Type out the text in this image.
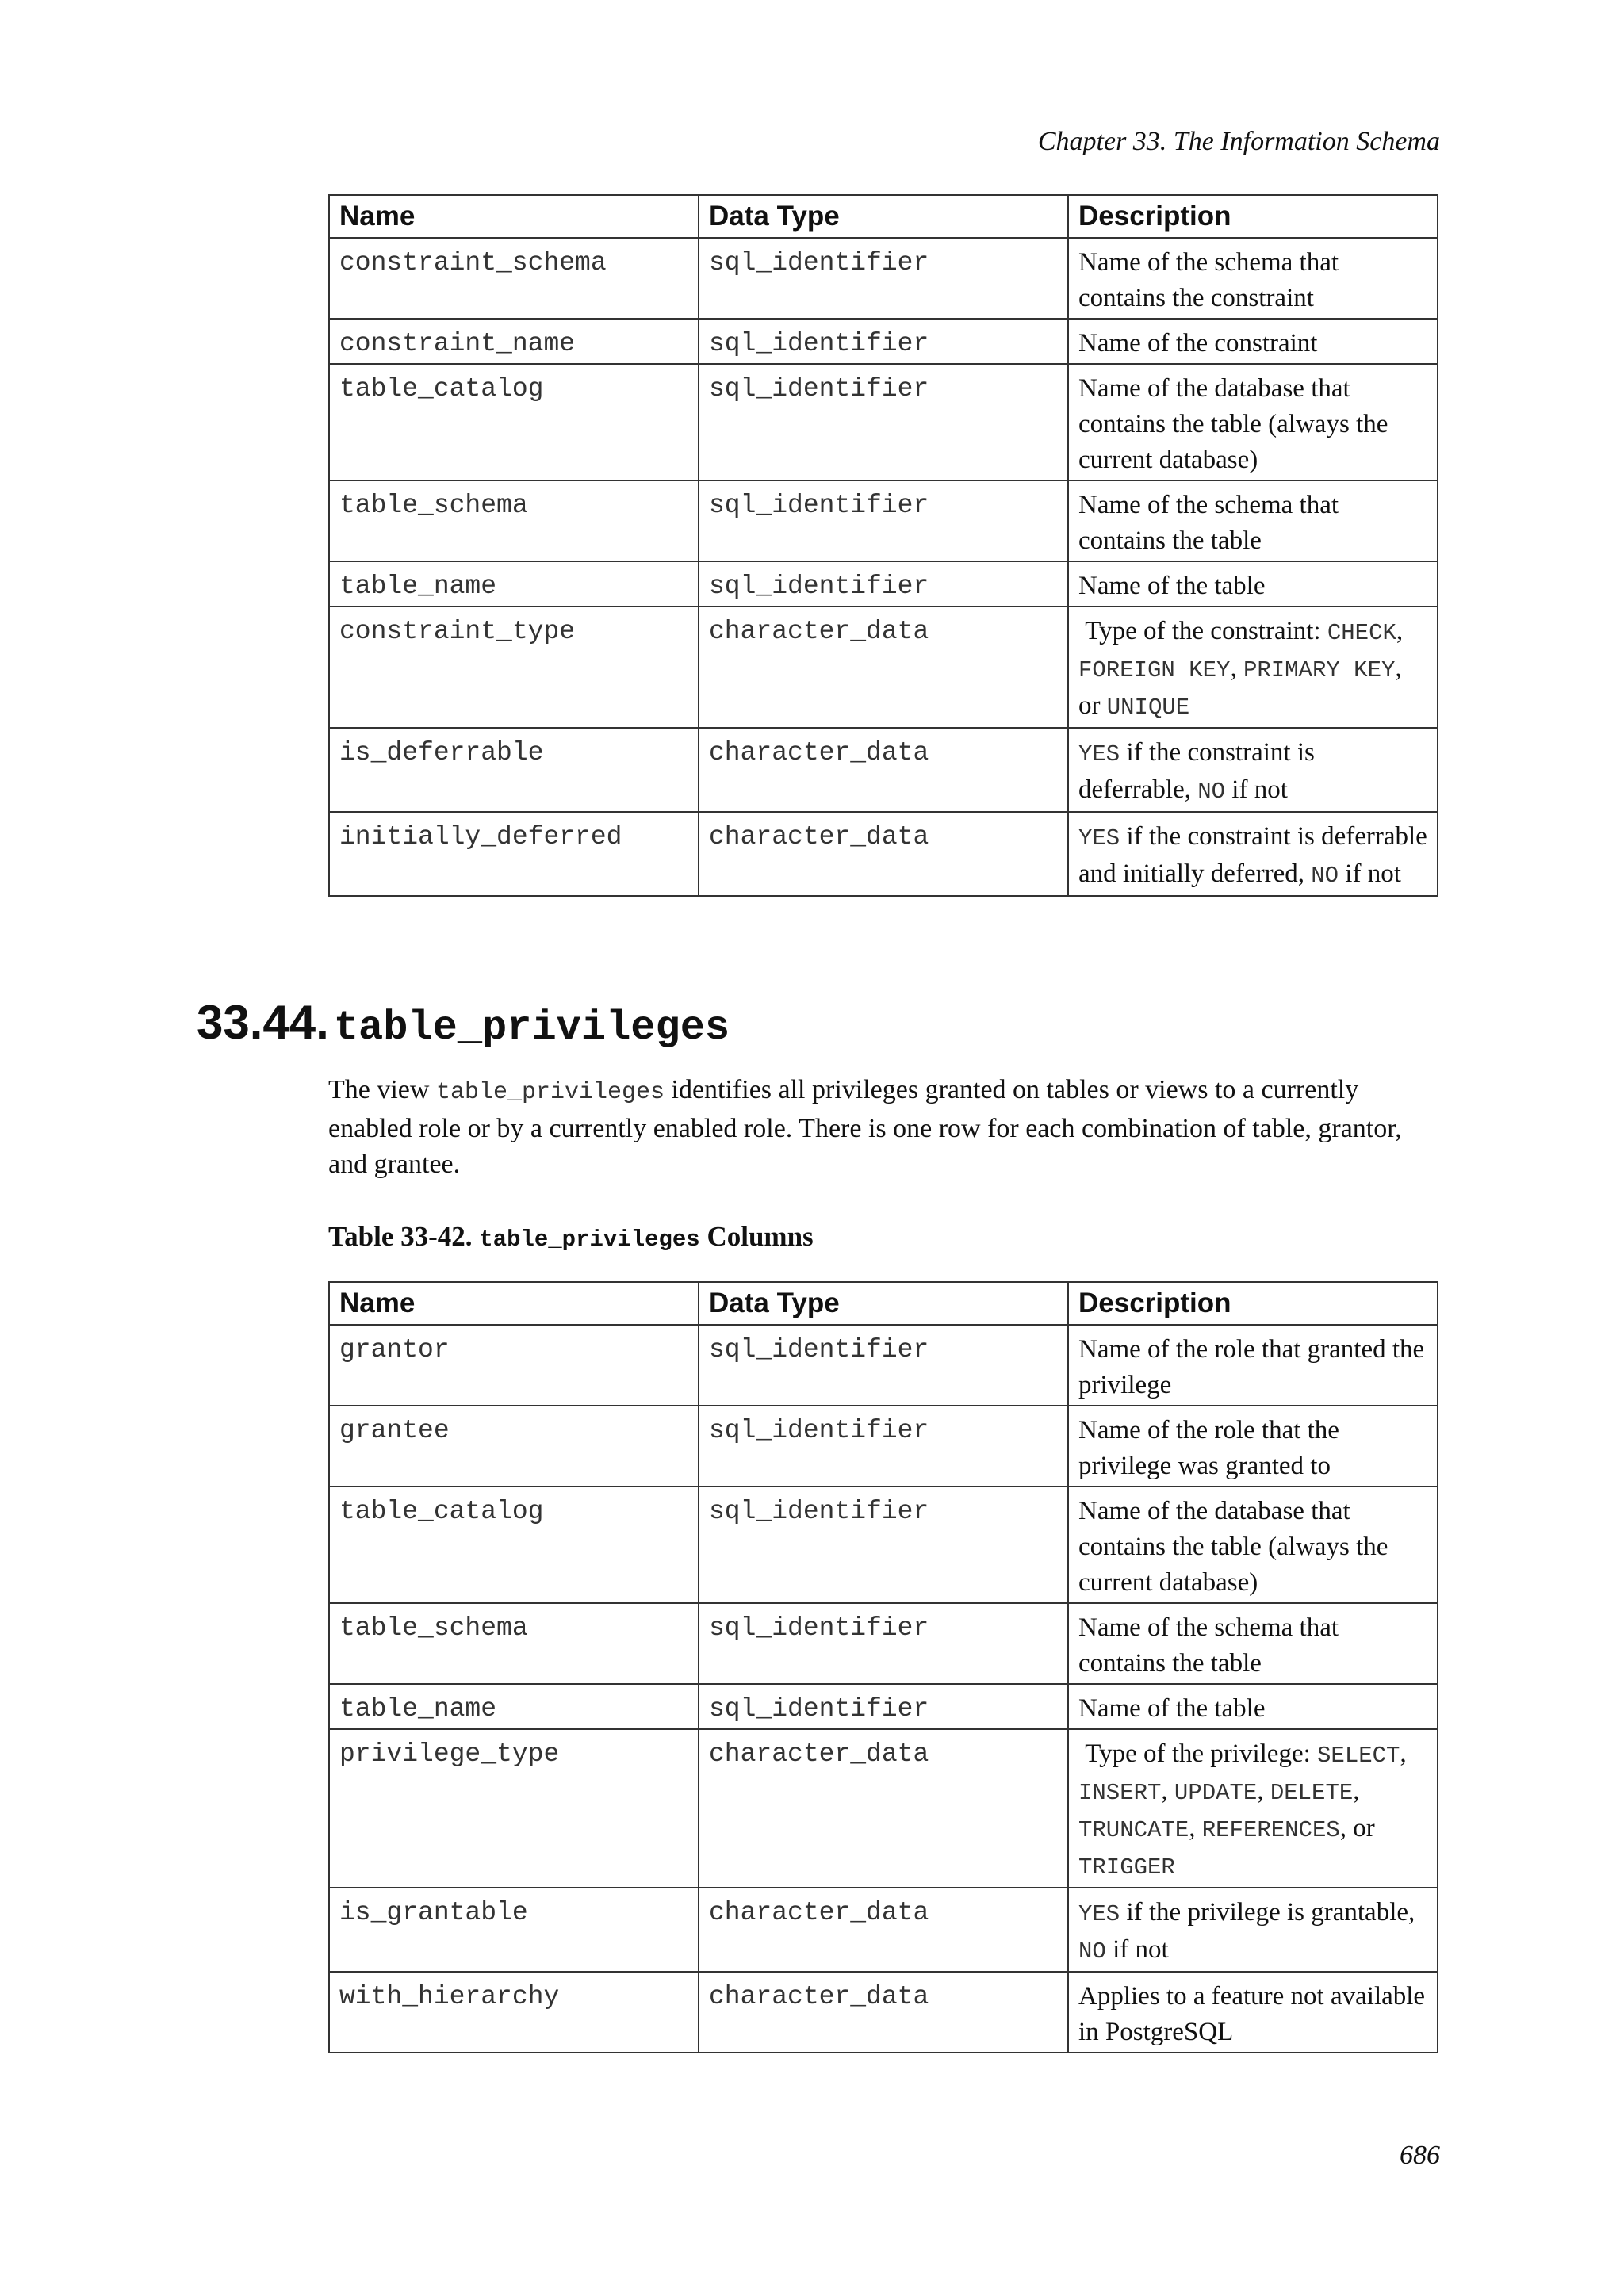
Chapter 33. The Information Schema
Name	Data Type	Description
constraint_schema	sql_identifier	Name of the schema that contains the constraint
constraint_name	sql_identifier	Name of the constraint
table_catalog	sql_identifier	Name of the database that contains the table (always the current database)
table_schema	sql_identifier	Name of the schema that contains the table
table_name	sql_identifier	Name of the table
constraint_type	character_data	Type of the constraint: CHECK, FOREIGN KEY, PRIMARY KEY, or UNIQUE
is_deferrable	character_data	YES if the constraint is deferrable, NO if not
initially_deferred	character_data	YES if the constraint is deferrable and initially deferred, NO if not
33.44. table_privileges

The view table_privileges identifies all privileges granted on tables or views to a currently enabled role or by a currently enabled role. There is one row for each combination of table, grantor, and grantee.

Table 33-42. table_privileges Columns

Name	Data Type	Description
grantor	sql_identifier	Name of the role that granted the privilege
grantee	sql_identifier	Name of the role that the privilege was granted to
table_catalog	sql_identifier	Name of the database that contains the table (always the current database)
table_schema	sql_identifier	Name of the schema that contains the table
table_name	sql_identifier	Name of the table
privilege_type	character_data	Type of the privilege: SELECT, INSERT, UPDATE, DELETE, TRUNCATE, REFERENCES, or TRIGGER
is_grantable	character_data	YES if the privilege is grantable, NO if not
with_hierarchy	character_data	Applies to a feature not available in PostgreSQL
686
